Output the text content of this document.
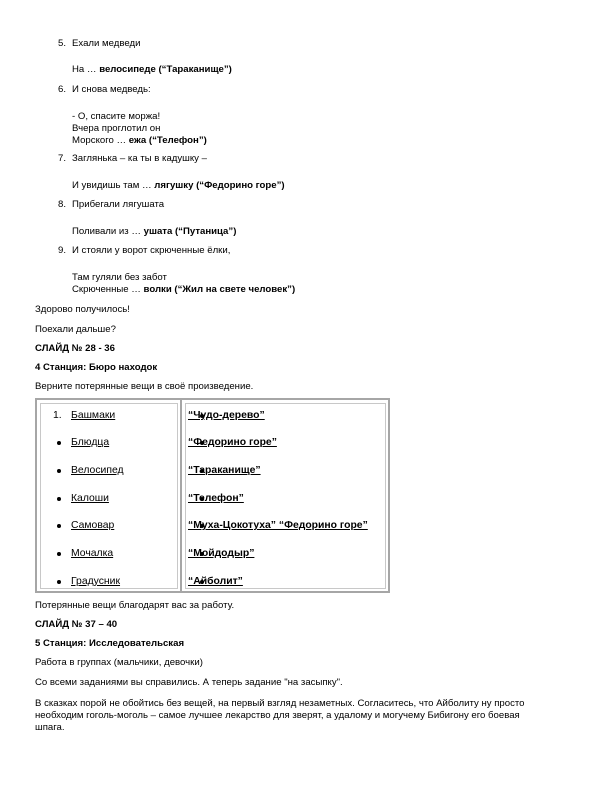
5. Ехали медведи
На … велосипеде (“Тараканище”)
6. И снова медведь:
- О, спасите моржа!
Вчера проглотил он
Морского … ежа (“Телефон”)
7. Заглянька – ка ты в кадушку –
И увидишь там … лягушку (“Федорино горе”)
8. Прибегали лягушата
Поливали из … ушата (“Путаница”)
9. И стояли у ворот скрюченные ёлки,
Там гуляли без забот
Скрюченные … волки (“Жил на свете человек”)
Здорово получилось!
Поехали дальше?
СЛАЙД № 28 - 36
4 Станция: Бюро находок
Верните потерянные вещи в своё произведение.
1. Башмаки
Блюдца
Велосипед
Калоши
Самовар
Мочалка
Градусник
“Чудо-дерево”
“Федорино горе”
“Тараканище”
“Телефон”
“Муха-Цокотуха” “Федорино горе”
“Мойдодыр”
“Айболит”
Потерянные вещи благодарят вас за работу.
СЛАЙД № 37 – 40
5 Станция: Исследовательская
Работа в группах (мальчики, девочки)
Со всеми заданиями вы справились. А теперь задание "на засыпку".
В сказках порой не обойтись без вещей, на первый взгляд незаметных. Согласитесь, что Айболиту ну просто
необходим гоголь-моголь – самое лучшее лекарство для зверят, а удалому и могучему Бибигону его боевая
шпага.
